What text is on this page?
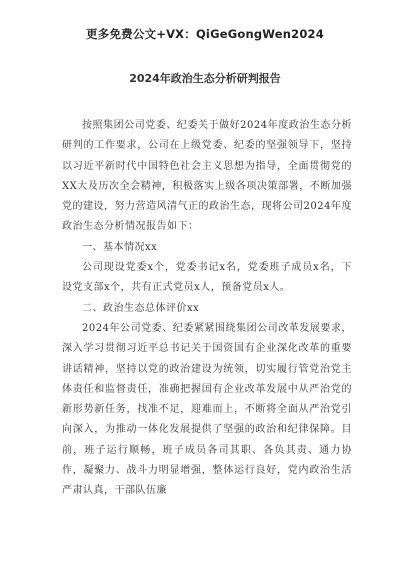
更多免费公文+VX：QiGeGongWen2024
2024年政治生态分析研判报告

按照集团公司党委、纪委关于做好2024年度政治生态分析研判的工作要求，公司在上级党委、纪委的坚强领导下，坚持以习近平新时代中国特色社会主义思想为指导，全面贯彻党的XX大及历次全会精神，积极落实上级各项决策部署，不断加强党的建设，努力营造风清气正的政治生态，现将公司2024年度政治生态分析情况报告如下：

一、基本情况xx

公司现设党委x个，党委书记x名，党委班子成员x名，下设党支部x个，共有正式党员x人，预备党员x人。

二、政治生态总体评价xx

2024年公司党委、纪委紧紧围绕集团公司改革发展要求，深入学习贯彻习近平总书记关于国资国有企业深化改革的重要讲话精神，坚持以党的政治建设为统领，切实履行管党治党主体责任和监督责任，准确把握国有企业改革发展中从严治党的新形势新任务，找准不足，迎难而上，不断将全面从严治党引向深入，为推动一体化发展提供了坚强的政治和纪律保障。目前，班子运行顺畅，班子成员各司其职、各负其责、通力协作，凝聚力、战斗力明显增强，整体运行良好，党内政治生活严肃认真，干部队伍廉
